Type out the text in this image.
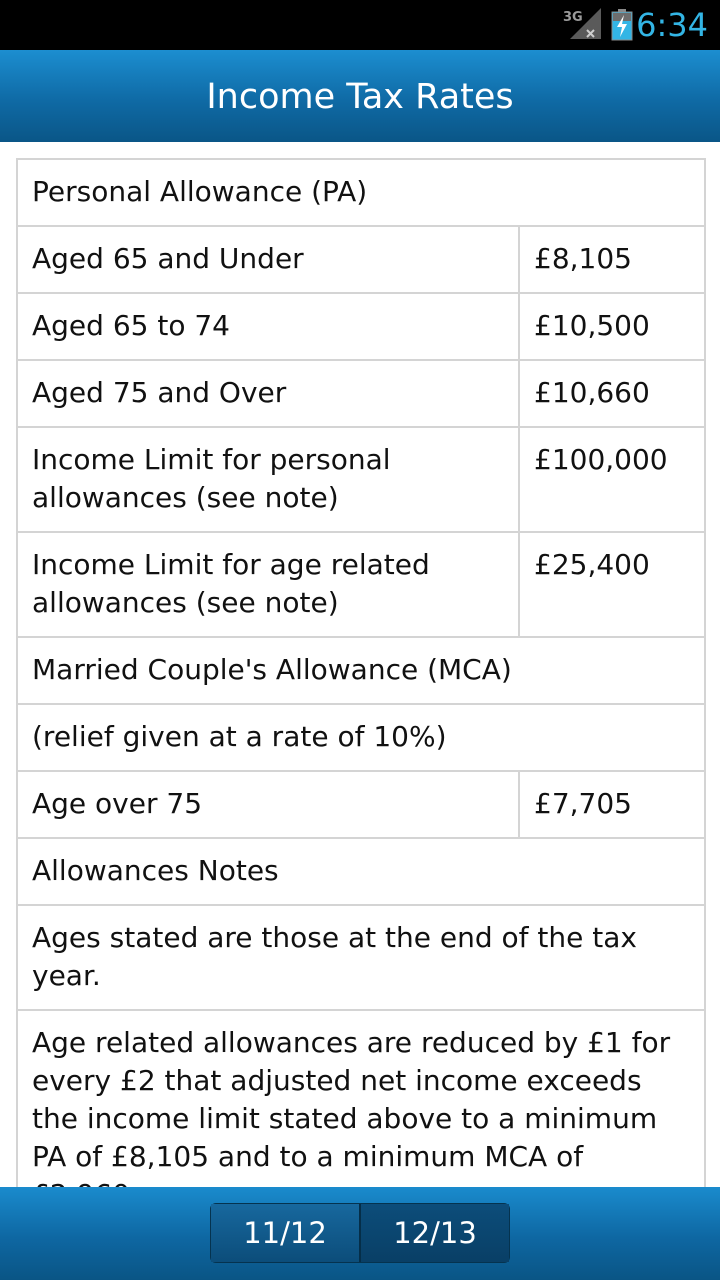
3G 6:34
Income Tax Rates
Personal Allowance (PA)	
Aged 65 and Under	£8,105
Aged 65 to 74	£10,500
Aged 75 and Over	£10,660
Income Limit for personal allowances (see note)	£100,000
Income Limit for age related allowances (see note)	£25,400
Married Couple's Allowance (MCA)	
(relief given at a rate of 10%)	
Age over 75	£7,705
Allowances Notes	
Ages stated are those at the end of the tax year.	
Age related allowances are reduced by £1 for every £2 that adjusted net income exceeds the income limit stated above to a minimum PA of £8,105 and to a minimum MCA of	
11/12	12/13
